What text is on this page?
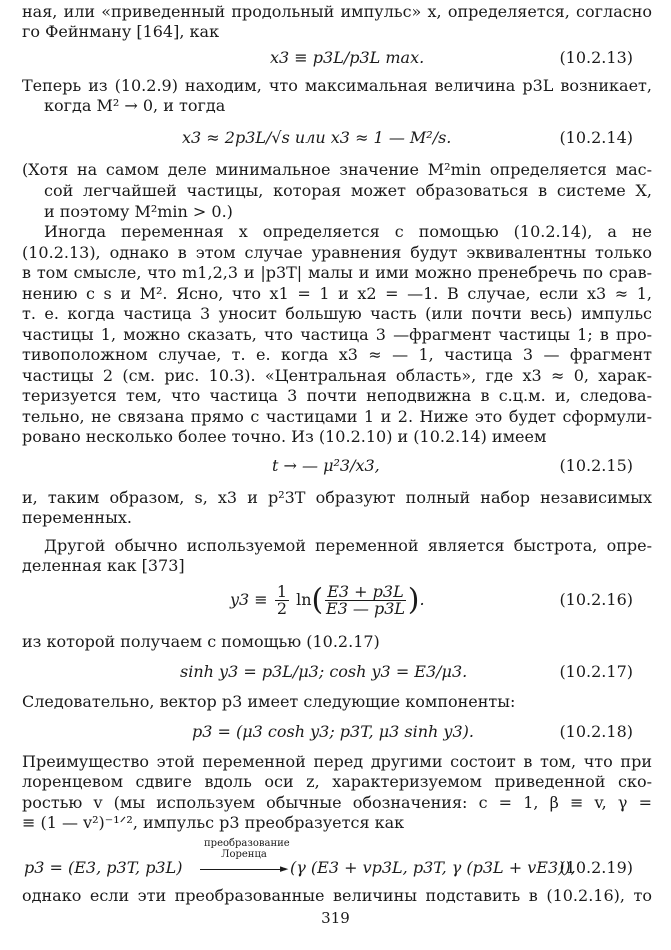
ная, или «приведенный продольный импульс» x, определяется, согласно
го Фейнману [164], как
x3 ≡ p3L/p3L max.	(10.2.13)
Теперь из (10.2.9) находим, что максимальная величина p3L возникает,
когда M² → 0, и тогда
x3 ≈ 2p3L/√s или x3 ≈ 1 — M²/s.	(10.2.14)
(Хотя на самом деле минимальное значение M²min определяется мас-
сой легчайшей частицы, которая может образоваться в системе X,
и поэтому M²min > 0.)
Иногда переменная x определяется с помощью (10.2.14), а не
(10.2.13), однако в этом случае уравнения будут эквивалентны только
в том смысле, что m1,2,3 и |p3T| малы и ими можно пренебречь по срав-
нению с s и M². Ясно, что x1 = 1 и x2 = —1. В случае, если x3 ≈ 1,
т. е. когда частица 3 уносит большую часть (или почти весь) импульс
частицы 1, можно сказать, что частица 3 —фрагмент частицы 1; в про-
тивоположном случае, т. е. когда x3 ≈ — 1, частица 3 — фрагмент
частицы 2 (см. рис. 10.3). «Центральная область», где x3 ≈ 0, харак-
теризуется тем, что частица 3 почти неподвижна в с.ц.м. и, следова-
тельно, не связана прямо с частицами 1 и 2. Ниже это будет сформули-
ровано несколько более точно. Из (10.2.10) и (10.2.14) имеем
t → — μ²3/x3,	(10.2.15)
и, таким образом, s, x3 и p²3T образуют полный набор независимых
переменных.
Другой обычно используемой переменной является быстрота, опре-
деленная как [373]
$y3 \equiv \frac{1}{2} \ln( \frac{E3 + p3L}{E3 — p3L}$ ).	(10.2.16)
из которой получаем с помощью (10.2.17)
sinh y3 = p3L/μ3; cosh y3 = E3/μ3.	(10.2.17)
Следовательно, вектор p3 имеет следующие компоненты:
p3 = (μ3 cosh y3; p3T, μ3 sinh y3).	(10.2.18)
Преимущество этой переменной перед другими состоит в том, что при
лоренцевом сдвиге вдоль оси z, характеризуемом приведенной ско-
ростью v (мы используем обычные обозначения: c = 1, β ≡ v, γ =
≡ (1 — v²)⁻¹ᐟ², импульс p3 преобразуется как
преобразование
Лоренца
p3 = (E3, p3T, p3L)	► (γ (E3 + vp3L, p3T, γ (p3L + vE3)),
(10.2.19)
однако если эти преобразованные величины подставить в (10.2.16), то
319
